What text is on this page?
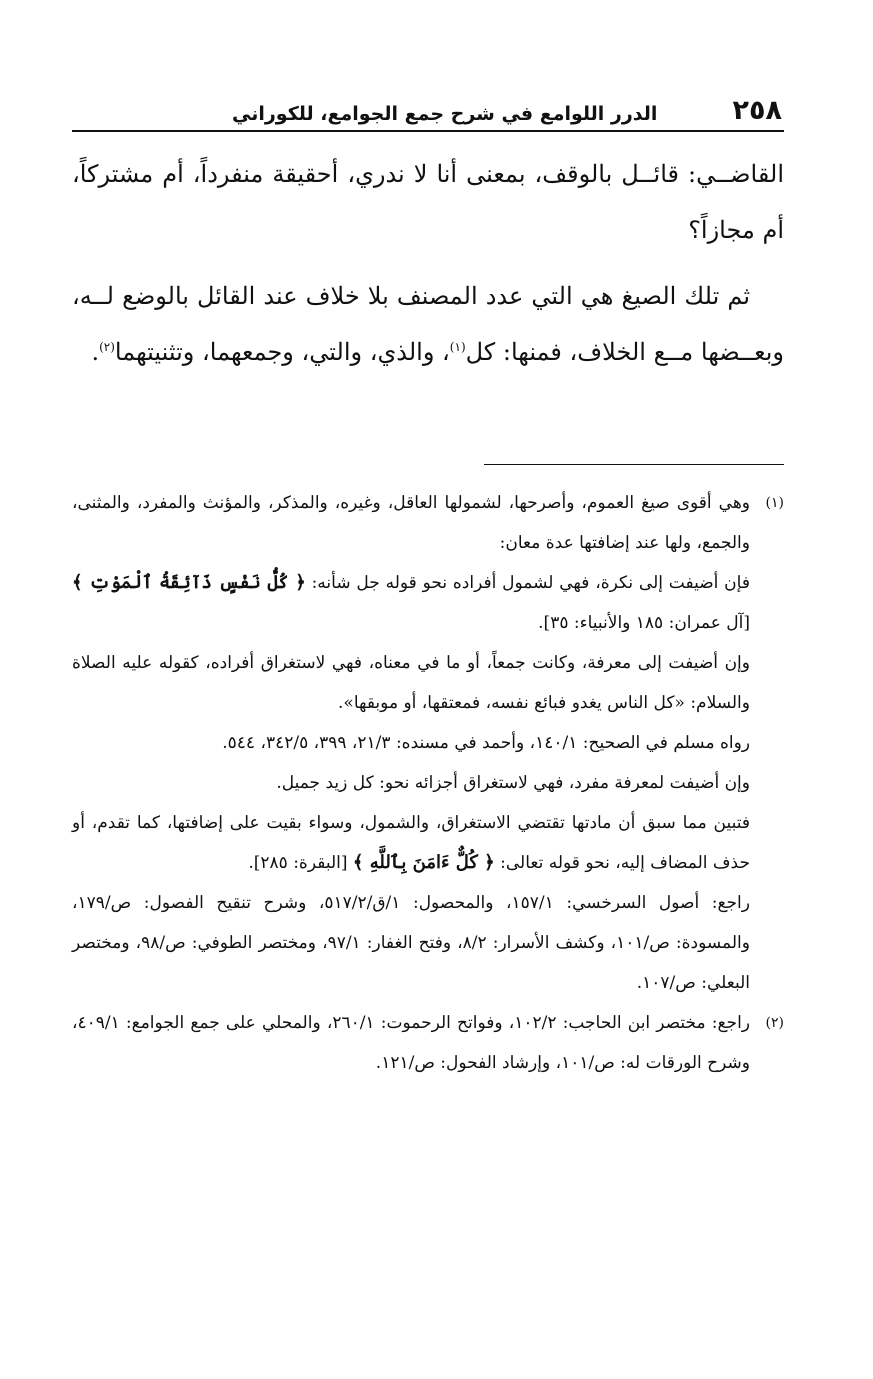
٢٥٨
الدرر اللوامع في شرح جمع الجوامع، للكوراني

القاضــي: قائــل بالوقف، بمعنى أنا لا ندري، أحقيقة منفرداً، أم مشتركاً، أم مجازاً؟

ثم تلك الصيغ هي التي عدد المصنف بلا خلاف عند القائل بالوضع لــه، وبعــضها مــع الخلاف، فمنها: كل$^{(١)}$، والذي، والتي، وجمعهما، وتثنيتهما$^{(٢)}$.

(١)

وهي أقوى صيغ العموم، وأصرحها، لشمولها العاقل، وغيره، والمذكر، والمؤنث والمفرد، والمثنى، والجمع، ولها عند إضافتها عدة معان:

فإن أضيفت إلى نكرة، فهي لشمول أفراده نحو قوله جل شأنه: ﴿ كُلُّ نَفْسٍ ذَآئِقَةُ ٱلْمَوْتِ ﴾[آل عمران: ١٨٥ والأنبياء: ٣٥].

وإن أضيفت إلى معرفة، وكانت جمعاً، أو ما في معناه، فهي لاستغراق أفراده، كقوله عليه الصلاة والسلام: «كل الناس يغدو فبائع نفسه، فمعتقها، أو موبقها».

رواه مسلم في الصحيح: ١٤٠/١، وأحمد في مسنده: ٢١/٣، ٣٩٩، ٣٤٢/٥، ٥٤٤.

وإن أضيفت لمعرفة مفرد، فهي لاستغراق أجزائه نحو: كل زيد جميل.

فتبين مما سبق أن مادتها تقتضي الاستغراق، والشمول، وسواء بقيت على إضافتها، كما تقدم، أو حذف المضاف إليه، نحو قوله تعالى: ﴿ كُلٌّ ءَامَنَ بِٱللَّهِ ﴾ [البقرة: ٢٨٥].

راجع: أصول السرخسي: ١٥٧/١، والمحصول: ١/ق/٥١٧/٢، وشرح تنقيح الفصول: ص/١٧٩، والمسودة: ص/١٠١، وكشف الأسرار: ٨/٢، وفتح الغفار: ٩٧/١، ومختصر الطوفي: ص/٩٨، ومختصر البعلي: ص/١٠٧.

(٢)

راجع: مختصر ابن الحاجب: ١٠٢/٢، وفواتح الرحموت: ٢٦٠/١، والمحلي على جمع الجوامع: ٤٠٩/١، وشرح الورقات له: ص/١٠١، وإرشاد الفحول: ص/١٢١.
